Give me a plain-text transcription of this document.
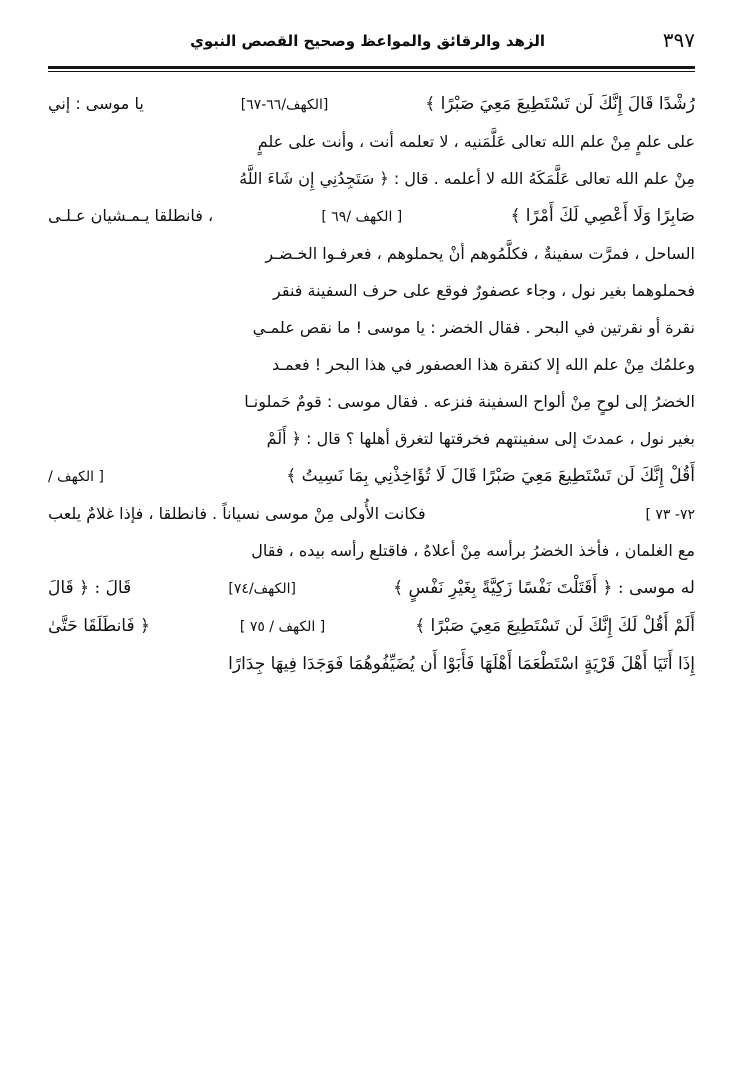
٣٩٧
الزهد والرقائق والمواعظ وصحيح القصص النبوي
رُشْدًا قَالَ إِنَّكَ لَن تَسْتَطِيعَ مَعِيَ صَبْرًا ﴾
[الكهف/٦٦-٦٧]
يا موسى : إني
على علمٍ مِنْ علم الله تعالى عَلَّمَنيه ، لا تعلمه أنت ، وأنت على علمٍ
مِنْ علم الله تعالى عَلَّمَكَهُ الله لا أعلمه . قال : ﴿ سَتَجِدُنِي إِن شَاءَ اللَّهُ
صَابِرًا وَلَا أَعْصِي لَكَ أَمْرًا ﴾
[ الكهف /٦٩ ]
، فانطلقا يـمـشيان عـلـى
الساحل ، فمرَّت سفينةٌ ، فكلَّمُوهم أنْ يحملوهم ، فعرفـوا الخـضـر
فحملوهما بغير نول ، وجاء عصفورٌ فوقع على حرف السفينة فنقر
نقرة أو نقرتين في البحر . فقال الخضر : يا موسى ! ما نقص علمـي
وعلمُك مِنْ علم الله إلا كنقرة هذا العصفور في هذا البحر ! فعمـد
الخضرُ إلى لوحٍ مِنْ ألواح السفينة فنزعه . فقال موسى : قومٌ حَملونـا
بغير نول ، عمدتَ إلى سفينتهم فخرقتها لتغرق أهلها ؟ قال : ﴿ أَلَمْ
أَقُلْ إِنَّكَ لَن تَسْتَطِيعَ مَعِيَ صَبْرًا قَالَ لَا تُؤَاخِذْنِي بِمَا نَسِيتُ ﴾
[ الكهف /
٧٢- ٧٣ ]
فكانت الأُولى مِنْ موسى نسياناً . فانطلقا ، فإذا غلامٌ يلعب
مع الغلمان ، فأخذ الخضرُ برأسه مِنْ أعلاهُ ، فاقتلع رأسه بيده ، فقال
له موسى : ﴿ أَقَتَلْتَ نَفْسًا زَكِيَّةً بِغَيْرِ نَفْسٍ ﴾
[الكهف/٧٤]
قَالَ : ﴿ قَالَ
أَلَمْ أَقُلْ لَكَ إِنَّكَ لَن تَسْتَطِيعَ مَعِيَ صَبْرًا ﴾
[ الكهف / ٧٥ ]
﴿ فَانطَلَقَا حَتَّىٰ
إِذَا أَتَيَا أَهْلَ قَرْيَةٍ اسْتَطْعَمَا أَهْلَهَا فَأَبَوْا أَن يُضَيِّفُوهُمَا فَوَجَدَا فِيهَا جِدَارًا
